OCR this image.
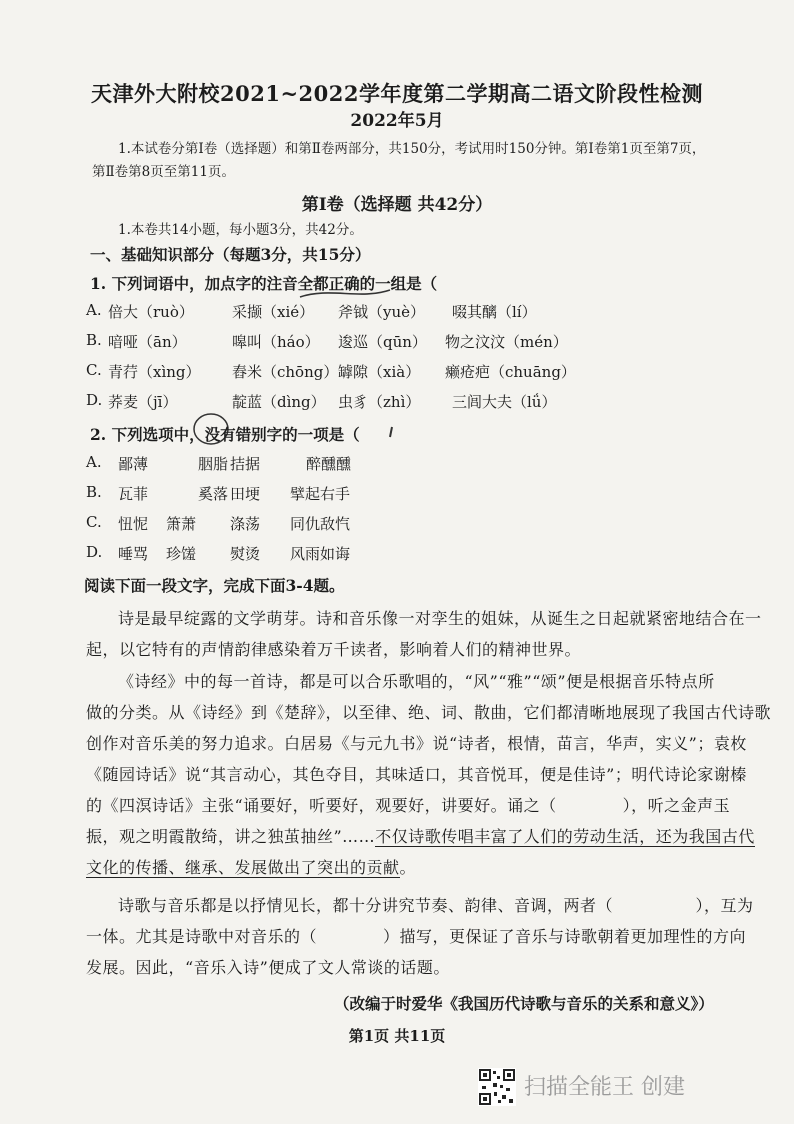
天津外大附校2021~2022学年度第二学期高二语文阶段性检测
2022年5月
1.本试卷分第Ⅰ卷（选择题）和第Ⅱ卷两部分，共150分，考试用时150分钟。第Ⅰ卷第1页至第7页，
第Ⅱ卷第8页至第11页。
第Ⅰ卷（选择题 共42分）
1.本卷共14小题，每小题3分，共42分。
一、基础知识部分（每题3分，共15分）
1. 下列词语中，加点字的注音全都正确的一组是（
A. 倍大（ruò）	采撷（xié） 斧钺（yuè） 啜其醨（lí）
B. 喑哑（ān）	嗥叫（háo） 逡巡（qūn） 物之汶汶（mén）
C. 青荇（xìng） 舂米（chōng） 罅隙（xià） 癞疮疤（chuāng）
D. 荞麦（jī）	靛蓝（dìng） 虫豸（zhì） 三闾大夫（lǘ）
2. 下列选项中，没有错别字的一项是（
A. 鄙薄	胭脂 拮据	醉醺醺
B. 瓦菲	奚落 田埂 擘起右手
C. 忸怩 箫萧 涤荡 同仇敌忾
D. 唾骂 珍馐 熨烫 风雨如诲
阅读下面一段文字，完成下面3-4题。
诗是最早绽露的文学萌芽。诗和音乐像一对孪生的姐妹，从诞生之日起就紧密地结合在一
起，以它特有的声情韵律感染着万千读者，影响着人们的精神世界。
《诗经》中的每一首诗，都是可以合乐歌唱的，“风”“雅”“颂”便是根据音乐特点所
做的分类。从《诗经》到《楚辞》，以至律、绝、词、散曲，它们都清晰地展现了我国古代诗歌
创作对音乐美的努力追求。白居易《与元九书》说“诗者，根情，苗言，华声，实义”；袁枚
《随园诗话》说“其言动心，其色夺目，其味适口，其音悦耳，便是佳诗”；明代诗论家谢榛
的《四溟诗话》主张“诵要好，听要好，观要好，讲要好。诵之（　　　　），听之金声玉
振，观之明霞散绮，讲之独茧抽丝”……不仅诗歌传唱丰富了人们的劳动生活，还为我国古代
文化的传播、继承、发展做出了突出的贡献。
诗歌与音乐都是以抒情见长，都十分讲究节奏、韵律、音调，两者（　　　　　），互为
一体。尤其是诗歌中对音乐的（　　　　）描写，更保证了音乐与诗歌朝着更加理性的方向
发展。因此，“音乐入诗”便成了文人常谈的话题。
（改编于时爱华《我国历代诗歌与音乐的关系和意义》）
第1页 共11页
扫描全能王 创建
